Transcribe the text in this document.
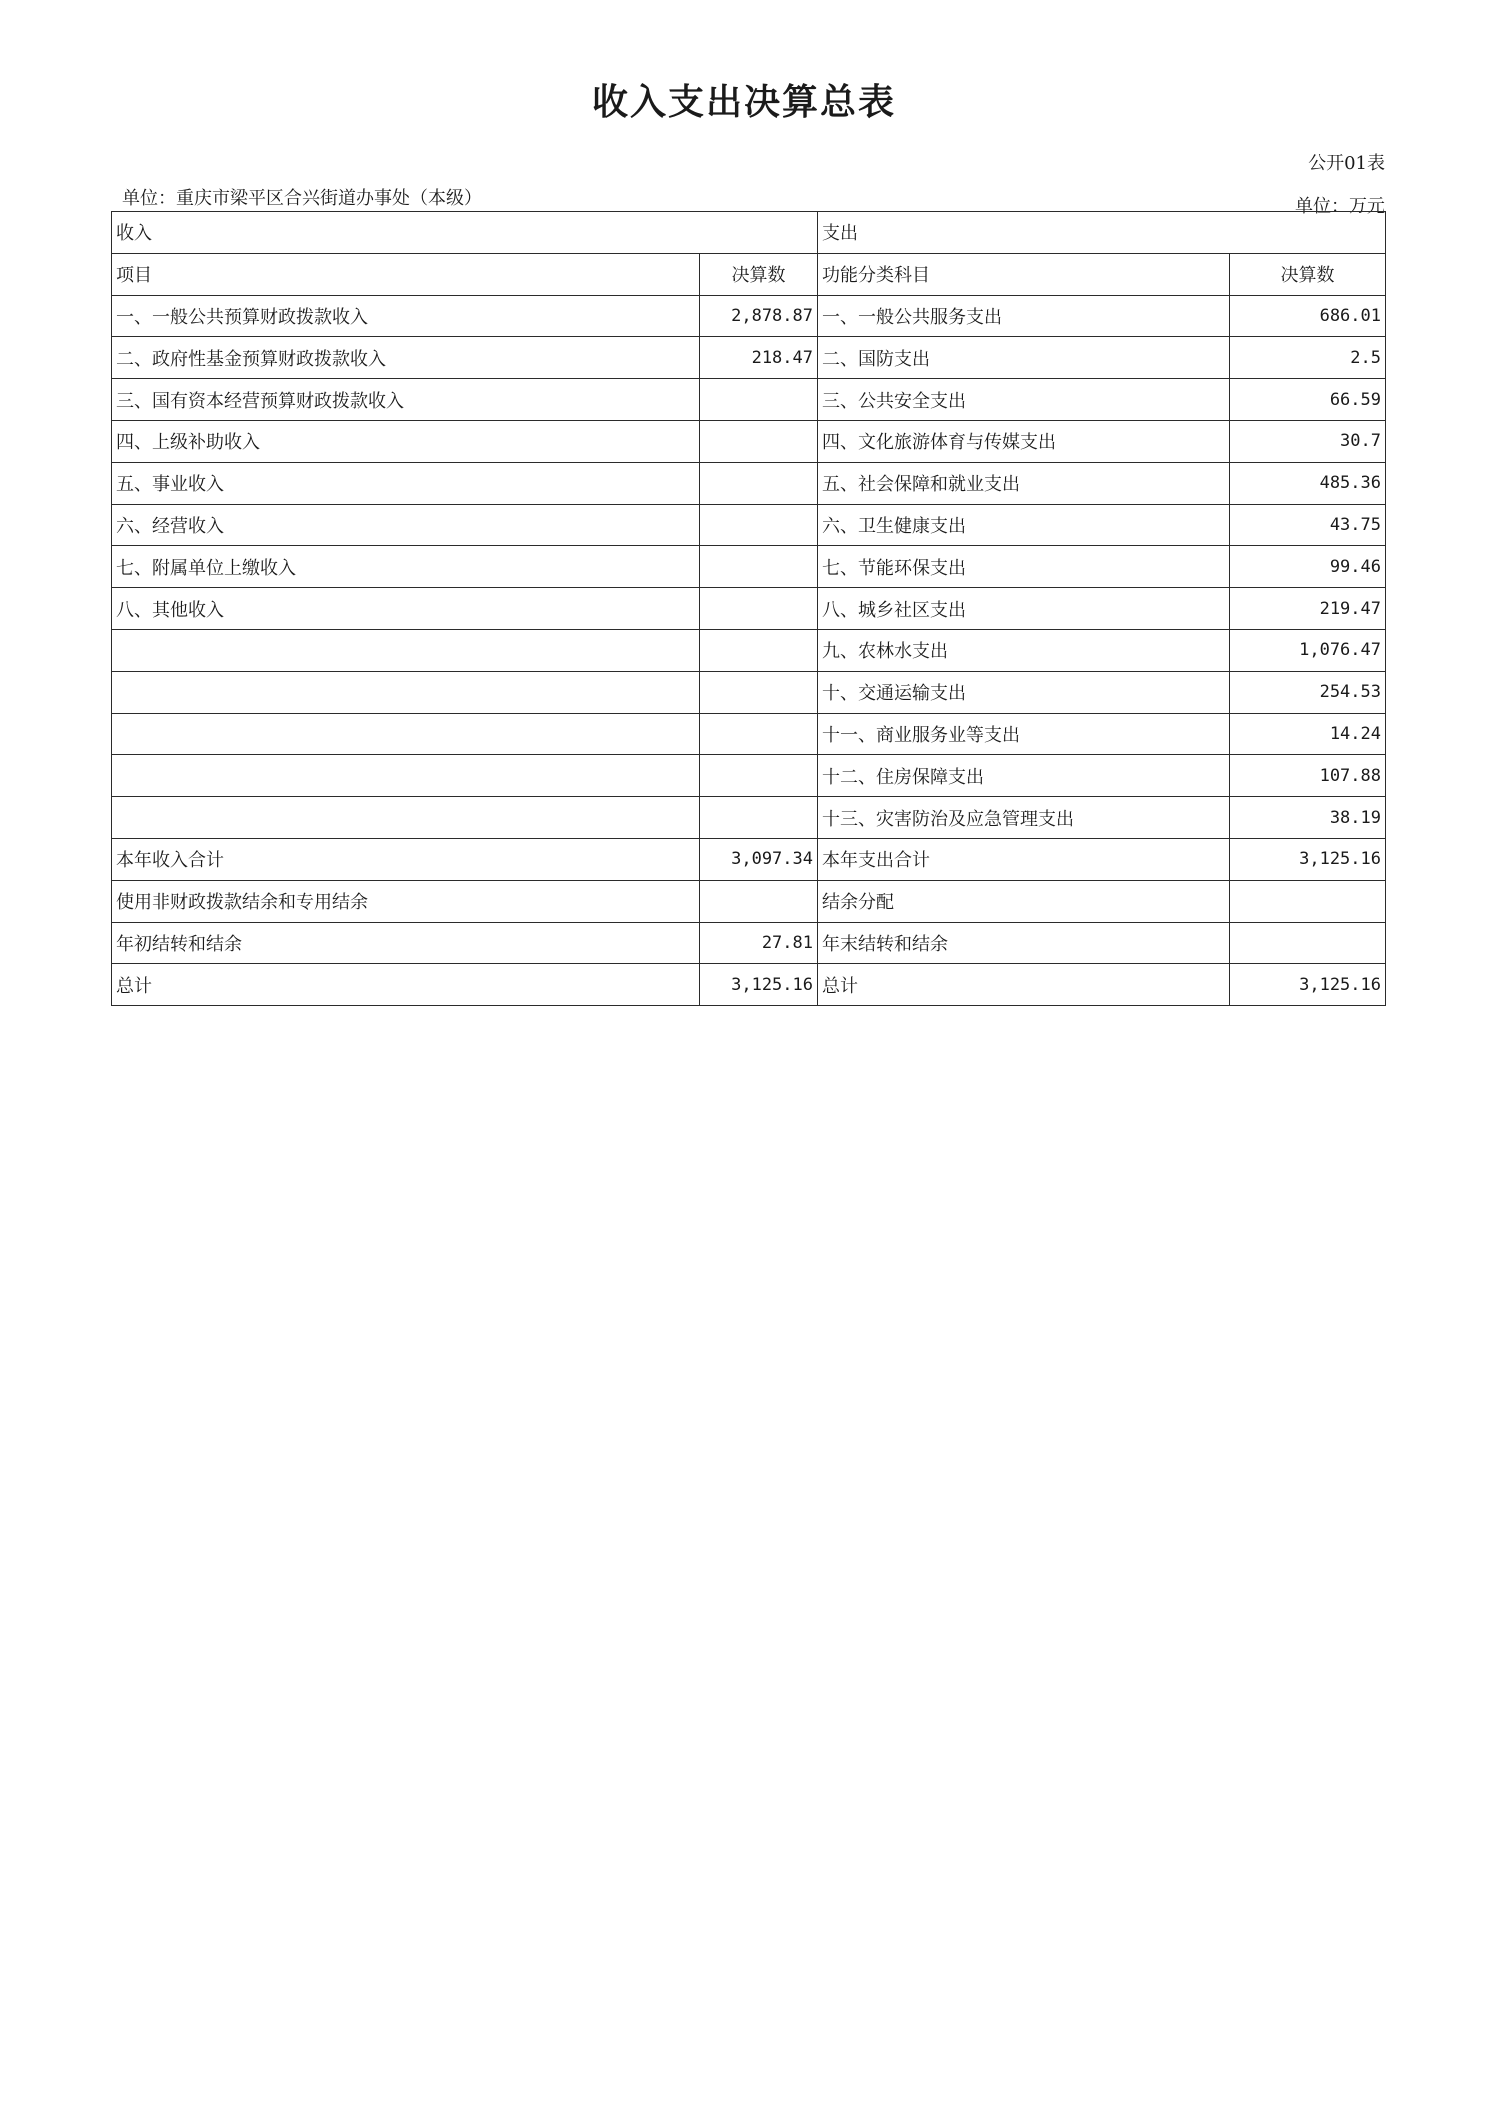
收入支出决算总表
公开01表
单位：重庆市梁平区合兴街道办事处（本级）	单位：万元
收入		支出	
项目	决算数	功能分类科目	决算数
一、一般公共预算财政拨款收入	2,878.87	一、一般公共服务支出	686.01
二、政府性基金预算财政拨款收入	218.47	二、国防支出	2.5
三、国有资本经营预算财政拨款收入		三、公共安全支出	66.59
四、上级补助收入		四、文化旅游体育与传媒支出	30.7
五、事业收入		五、社会保障和就业支出	485.36
六、经营收入		六、卫生健康支出	43.75
七、附属单位上缴收入		七、节能环保支出	99.46
八、其他收入		八、城乡社区支出	219.47
		九、农林水支出	1,076.47
		十、交通运输支出	254.53
		十一、商业服务业等支出	14.24
		十二、住房保障支出	107.88
		十三、灾害防治及应急管理支出	38.19
本年收入合计	3,097.34	本年支出合计	3,125.16
使用非财政拨款结余和专用结余		结余分配	
年初结转和结余	27.81	年末结转和结余	
总计	3,125.16	总计	3,125.16
